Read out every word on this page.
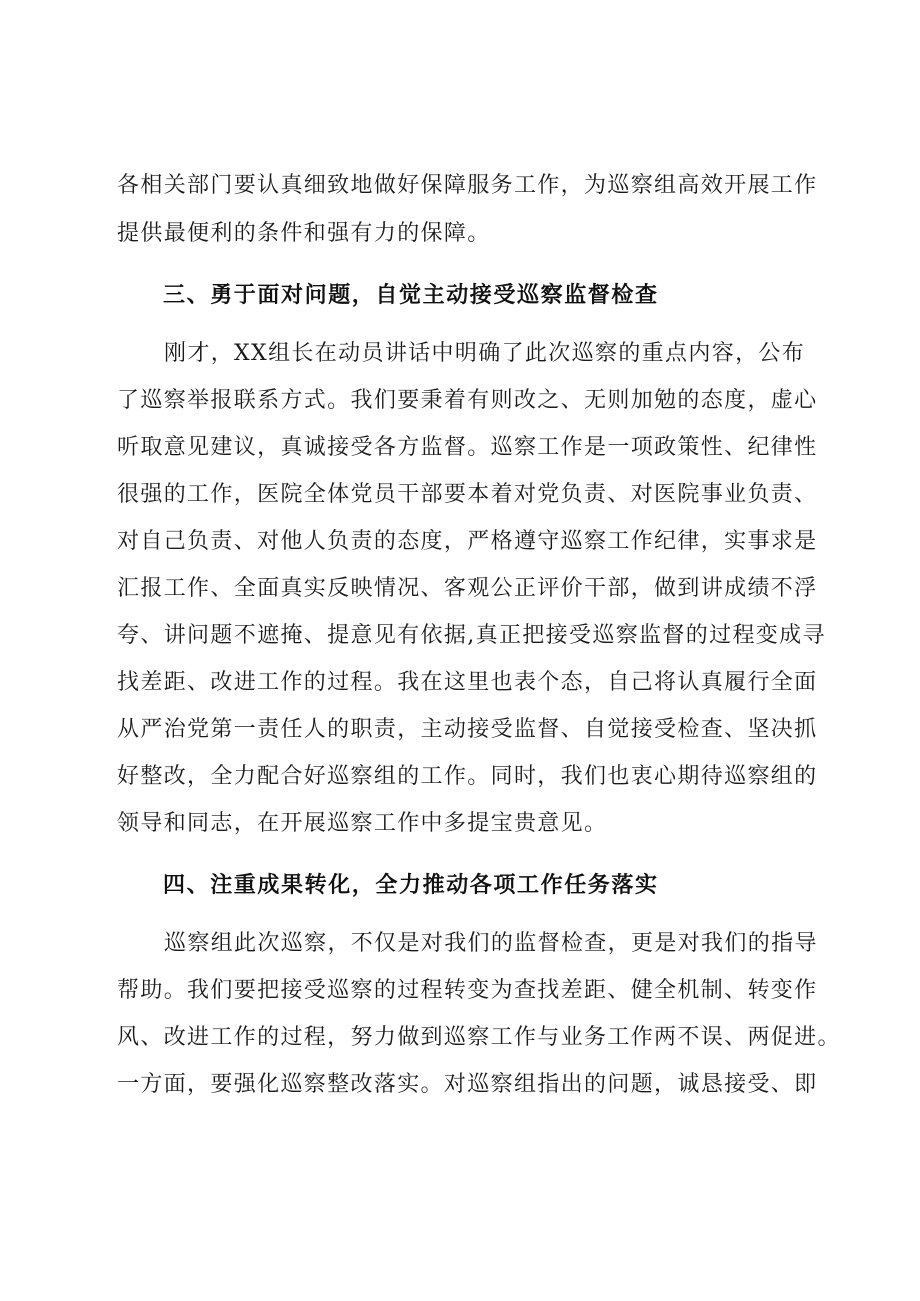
各相关部门要认真细致地做好保障服务工作，为巡察组高效开展工作
提供最便利的条件和强有力的保障。
三、勇于面对问题，自觉主动接受巡察监督检查
刚才，XX组长在动员讲话中明确了此次巡察的重点内容，公布
了巡察举报联系方式。我们要秉着有则改之、无则加勉的态度，虚心
听取意见建议，真诚接受各方监督。巡察工作是一项政策性、纪律性
很强的工作，医院全体党员干部要本着对党负责、对医院事业负责、
对自己负责、对他人负责的态度，严格遵守巡察工作纪律，实事求是
汇报工作、全面真实反映情况、客观公正评价干部，做到讲成绩不浮
夸、讲问题不遮掩、提意见有依据,真正把接受巡察监督的过程变成寻
找差距、改进工作的过程。我在这里也表个态，自己将认真履行全面
从严治党第一责任人的职责，主动接受监督、自觉接受检查、坚决抓
好整改，全力配合好巡察组的工作。同时，我们也衷心期待巡察组的
领导和同志，在开展巡察工作中多提宝贵意见。
四、注重成果转化，全力推动各项工作任务落实
巡察组此次巡察，不仅是对我们的监督检查，更是对我们的指导
帮助。我们要把接受巡察的过程转变为查找差距、健全机制、转变作
风、改进工作的过程，努力做到巡察工作与业务工作两不误、两促进。
一方面，要强化巡察整改落实。对巡察组指出的问题，诚恳接受、即
